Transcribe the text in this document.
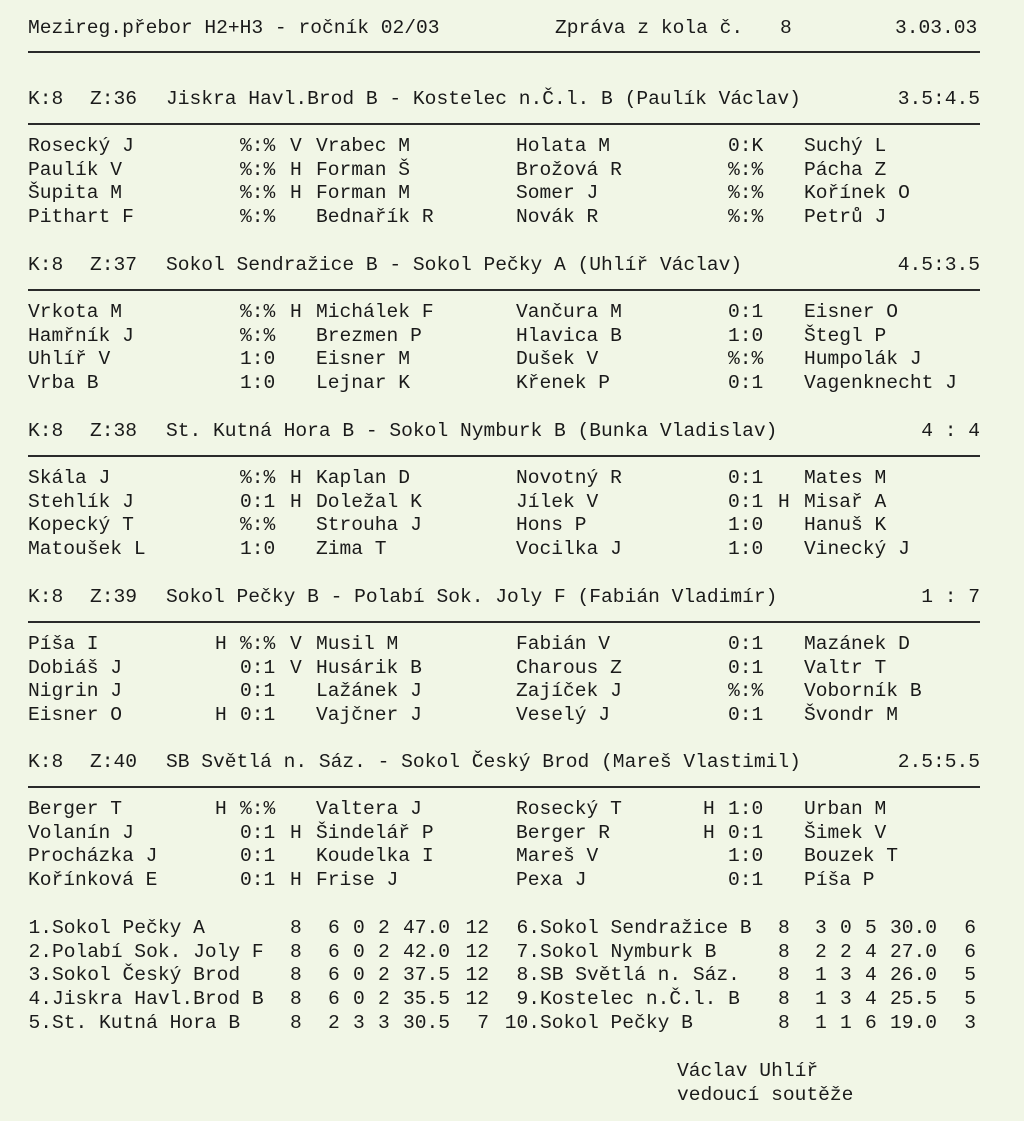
Mezireg.přebor H2+H3 - ročník 02/03

	Zpráva z kola č.

8

	3.03.03

K:8 Z:36 Jiskra Havl.Brod B - Kostelec n.Č.l. B (Paulík Václav)	3.5:4.5
Rosecký J	%:% V Vrabec M	Holata M	0:K Suchý L
Paulík V	%:% H Forman Š	Brožová R	%:% Pácha Z
Šupita M	%:% H Forman M	Somer J	%:% Kořínek O
Pithart F	%:% Bednařík R	Novák R	%:% Petrů J
K:8 Z:37 Sokol Sendražice B - Sokol Pečky A (Uhlíř Václav)	4.5:3.5
Vrkota M	%:% H Michálek F	Vančura M	0:1 Eisner O
Hamřník J	%:% Brezmen P	Hlavica B	1:0 Štegl P
Uhlíř V	1:0 Eisner M	Dušek V	%:% Humpolák J
Vrba B	1:0 Lejnar K	Křenek P	0:1 Vagenknecht J
K:8 Z:38 St. Kutná Hora B - Sokol Nymburk B (Bunka Vladislav)	4 : 4
Skála J	%:% H Kaplan D	Novotný R	0:1 Mates M
Stehlík J	0:1 H Doležal K	Jílek V	0:1 H Misař A
Kopecký T	%:% Strouha J	Hons P	1:0 Hanuš K
Matoušek L	1:0 Zima T	Vocilka J	1:0 Vinecký J
K:8 Z:39 Sokol Pečky B - Polabí Sok. Joly F (Fabián Vladimír)	1 : 7
Píša I	H %:% V Musil M	Fabián V	0:1 Mazánek D
Dobiáš J	0:1 V Husárik B	Charous Z	0:1 Valtr T
Nigrin J	0:1 Lažánek J	Zajíček J	%:% Voborník B
Eisner O	H 0:1 Vajčner J	Veselý J	0:1 Švondr M
K:8 Z:40 SB Světlá n. Sáz. - Sokol Český Brod (Mareš Vlastimil)	2.5:5.5
Berger T	H %:% Valtera J	Rosecký T	H 1:0 Urban M
Volanín J	0:1 H Šindelář P	Berger R	H 0:1 Šimek V
Procházka J	0:1 Koudelka I	Mareš V	1:0 Bouzek T
Kořínková E	0:1 H Frise J	Pexa J	0:1 Píša P
1. Sokol Pečky A	8 6 0 2 47.0 12	6. Sokol Sendražice B 8 3 0 5 30.0	6
2. Polabí Sok. Joly F 8 6 0 2 42.0 12	7. Sokol Nymburk B	8 2 2 4 27.0	6
3. Sokol Český Brod	8 6 0 2 37.5 12	8. SB Světlá n. Sáz. 8 1 3 4 26.0	5
4. Jiskra Havl.Brod B 8 6 0 2 35.5 12	9. Kostelec n.Č.l. B 8 1 3 4 25.5	5
5. St. Kutná Hora B	8 2 3 3 30.5	7 10. Sokol Pečky B	8 1 1 6 19.0	3
Václav Uhlíř
vedoucí soutěže
